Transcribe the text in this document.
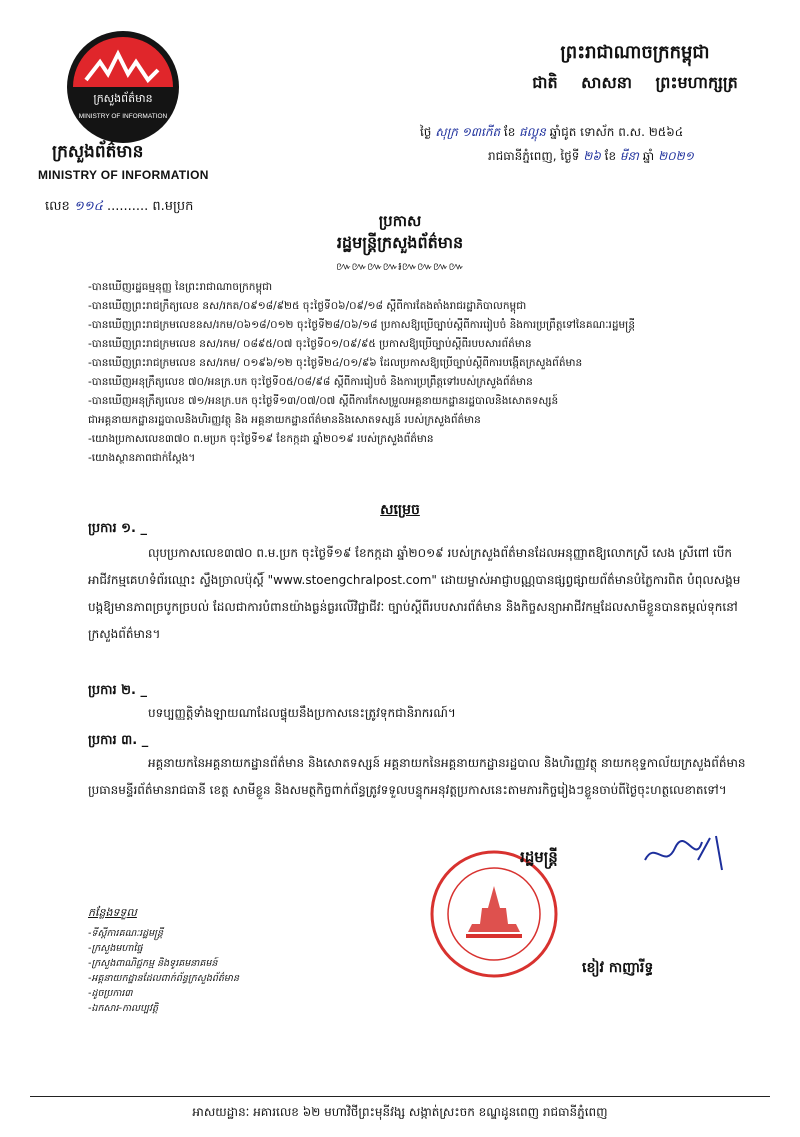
ក្រសួងព័ត៌មាន
MINISTRY OF INFORMATION
ក្រសួងព័ត៌មាន
MINISTRY OF INFORMATION
លេខ ១១៤ .......... ព.មប្រក
ព្រះរាជាណាចក្រកម្ពុជា
ជាតិ សាសនា ព្រះមហាក្សត្រ
ថ្ងៃ សុក្រ ១៣កើត ខែ ផល្គុន ឆ្នាំជូត ទោស័ក ព.ស. ២៥៦៤
រាជធានីភ្នំពេញ, ថ្ងៃទី ២៦ ខែ មីនា ឆ្នាំ ២០២១
ប្រកាស
រដ្ឋមន្ត្រីក្រសួងព័ត៌មាន
៚៚៚៚៛៚៚៚៚
-បានឃើញរដ្ឋធម្មនុញ្ញ នៃព្រះរាជាណាចក្រកម្ពុជា
-បានឃើញព្រះរាជក្រឹត្យលេខ នស/រកត/០៩១៨/៩២៥ ចុះថ្ងៃទី០៦/០៩/១៨ ស្តីពីការតែងតាំងរាជរដ្ឋាភិបាលកម្ពុជា
-បានឃើញព្រះរាជក្រមលេខនស/រកម/០៦១៨/០១២ ចុះថ្ងៃទី២៨/០៦/១៨ ប្រកាសឱ្យប្រើច្បាប់ស្តីពីការរៀបចំ និងការប្រព្រឹត្តទៅនៃគណៈរដ្ឋមន្ត្រី
-បានឃើញព្រះរាជក្រមលេខ នស/រកម/ ០៨៩៥/០៧ ចុះថ្ងៃទី០១/០៩/៩៥ ប្រកាសឱ្យប្រើច្បាប់ស្តីពីរបបសារព័ត៌មាន
-បានឃើញព្រះរាជក្រមលេខ នស/រកម/ ០១៩៦/១២ ចុះថ្ងៃទី២៤/០១/៩៦ ដែលប្រកាសឱ្យប្រើច្បាប់ស្តីពីការបង្កើតក្រសួងព័ត៌មាន
-បានឃើញអនុក្រឹត្យលេខ ៧០/អនក្រ.បក ចុះថ្ងៃទី០៥/០៨/៩៨ ស្តីពីការរៀបចំ និងការប្រព្រឹត្តទៅរបស់ក្រសួងព័ត៌មាន
-បានឃើញអនុក្រឹត្យលេខ ៧១/អនក្រ.បក ចុះថ្ងៃទី១៣/០៧/០៧ ស្តីពីការកែសម្រួលអគ្គនាយកដ្ឋានរដ្ឋបាលនិងសោតទស្សន៍
ជាអគ្គនាយកដ្ឋានរដ្ឋបាលនិងហិរញ្ញវត្ថុ និង អគ្គនាយកដ្ឋានព័ត៌មាននិងសោតទស្សន៍ របស់ក្រសួងព័ត៌មាន
-យោងប្រកាសលេខ៣៧០ ព.មប្រក ចុះថ្ងៃទី១៩ ខែកក្កដា ឆ្នាំ២០១៩ របស់ក្រសួងព័ត៌មាន
-យោងស្ថានភាពជាក់ស្តែង។
សម្រេច
ប្រការ ១. _

លុបប្រកាសលេខ៣៧០ ព.ម.ប្រក ចុះថ្ងៃទី១៩ ខែកក្កដា ឆ្នាំ២០១៩ របស់ក្រសួងព័ត៌មានដែលអនុញ្ញាតឱ្យលោកស្រី សេង ស្រីពៅ បើកអាជីវកម្មគេហទំព័រឈ្មោះ ស្ទឹងច្រាលប៉ុស្តិ៍ "www.stoengchralpost.com" ដោយម្ចាស់អាជ្ញាបណ្ណបានផ្សព្វផ្សាយព័ត៌មានបំភ្លៃការពិត បំពុលសង្គម បង្កឱ្យមានភាពច្របូកច្របល់ ដែលជាការបំពានយ៉ាងធ្ងន់ធ្ងរលើវិជ្ជាជីវៈ ច្បាប់ស្តីពីរបបសារព័ត៌មាន និងកិច្ចសន្យាអាជីវកម្មដែលសាមីខ្លួនបានតម្កល់ទុកនៅក្រសួងព័ត៌មាន។

ប្រការ ២. _

បទប្បញ្ញត្តិទាំងឡាយណាដែលផ្ទុយនឹងប្រកាសនេះត្រូវទុកជានិរាករណ៍។

ប្រការ ៣. _

អគ្គនាយកនៃអគ្គនាយកដ្ឋានព័ត៌មាន និងសោតទស្សន៍ អគ្គនាយកនៃអគ្គនាយកដ្ឋានរដ្ឋបាល និងហិរញ្ញវត្ថុ នាយកខុទ្ទកាល័យក្រសួងព័ត៌មាន ប្រធានមន្ទីរព័ត៌មានរាជធានី ខេត្ត សាមីខ្លួន និងសមត្ថកិច្ចពាក់ព័ន្ធត្រូវទទួលបន្ទុកអនុវត្តប្រកាសនេះតាមភារកិច្ចរៀងៗខ្លួនចាប់ពីថ្ងៃចុះហត្ថលេខាតទៅ។

រដ្ឋមន្ត្រី
ខៀវ កាញារីទ្ធ
កន្លែងទទួល
-ទីស្តីការគណៈរដ្ឋមន្ត្រី
-ក្រសួងមហាផ្ទៃ
-ក្រសួងពាណិជ្ជកម្ម និងទូរគមនាគមន៍
-អគ្គនាយកដ្ឋានដែលពាក់ព័ន្ធក្រសួងព័ត៌មាន
-ដូចប្រការ៣
-ឯកសារ-កាលប្បវត្តិ
អាសយដ្ឋានៈ អគារលេខ ៦២ មហាវិថីព្រះមុនីវង្ស សង្កាត់ស្រះចក ខណ្ឌដូនពេញ រាជធានីភ្នំពេញ
